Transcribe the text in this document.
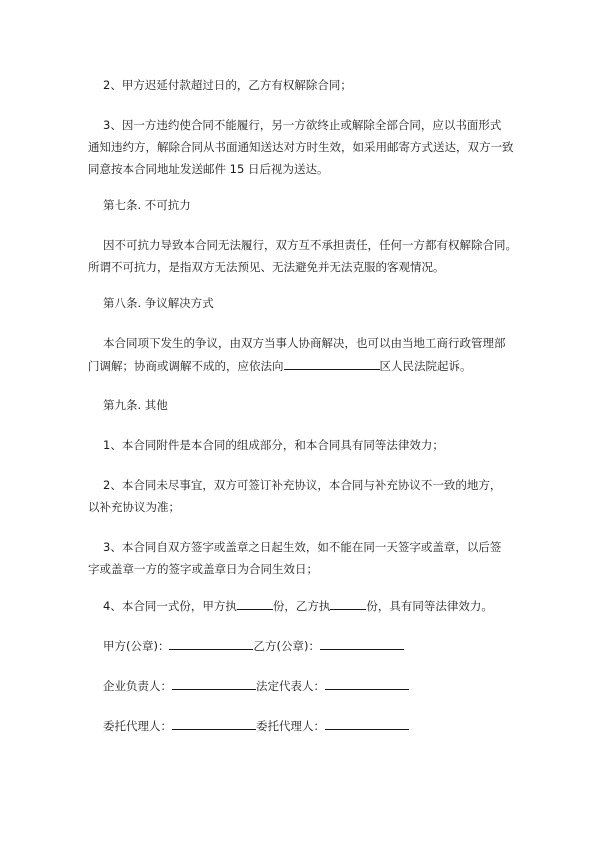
2、甲方迟延付款超过日的，乙方有权解除合同；
3、因一方违约使合同不能履行，另一方欲终止或解除全部合同，应以书面形式
通知违约方，解除合同从书面通知送达对方时生效，如采用邮寄方式送达，双方一致
同意按本合同地址发送邮件 15 日后视为送达。
第七条. 不可抗力
因不可抗力导致本合同无法履行，双方互不承担责任，任何一方都有权解除合同。
所谓不可抗力，是指双方无法预见、无法避免并无法克服的客观情况。
第八条. 争议解决方式
本合同项下发生的争议，由双方当事人协商解决，也可以由当地工商行政管理部
门调解；协商或调解不成的，应依法向	区人民法院起诉。
第九条. 其他
1、本合同附件是本合同的组成部分，和本合同具有同等法律效力；
2、本合同未尽事宜，双方可签订补充协议，本合同与补充协议不一致的地方，
以补充协议为准；
3、本合同自双方签字或盖章之日起生效，如不能在同一天签字或盖章，以后签
字或盖章一方的签字或盖章日为合同生效日；
4、本合同一式份，甲方执	份，乙方执	份，具有同等法律效力。
甲方(公章)：	乙方(公章)：
企业负责人：	法定代表人：
委托代理人：	委托代理人：
